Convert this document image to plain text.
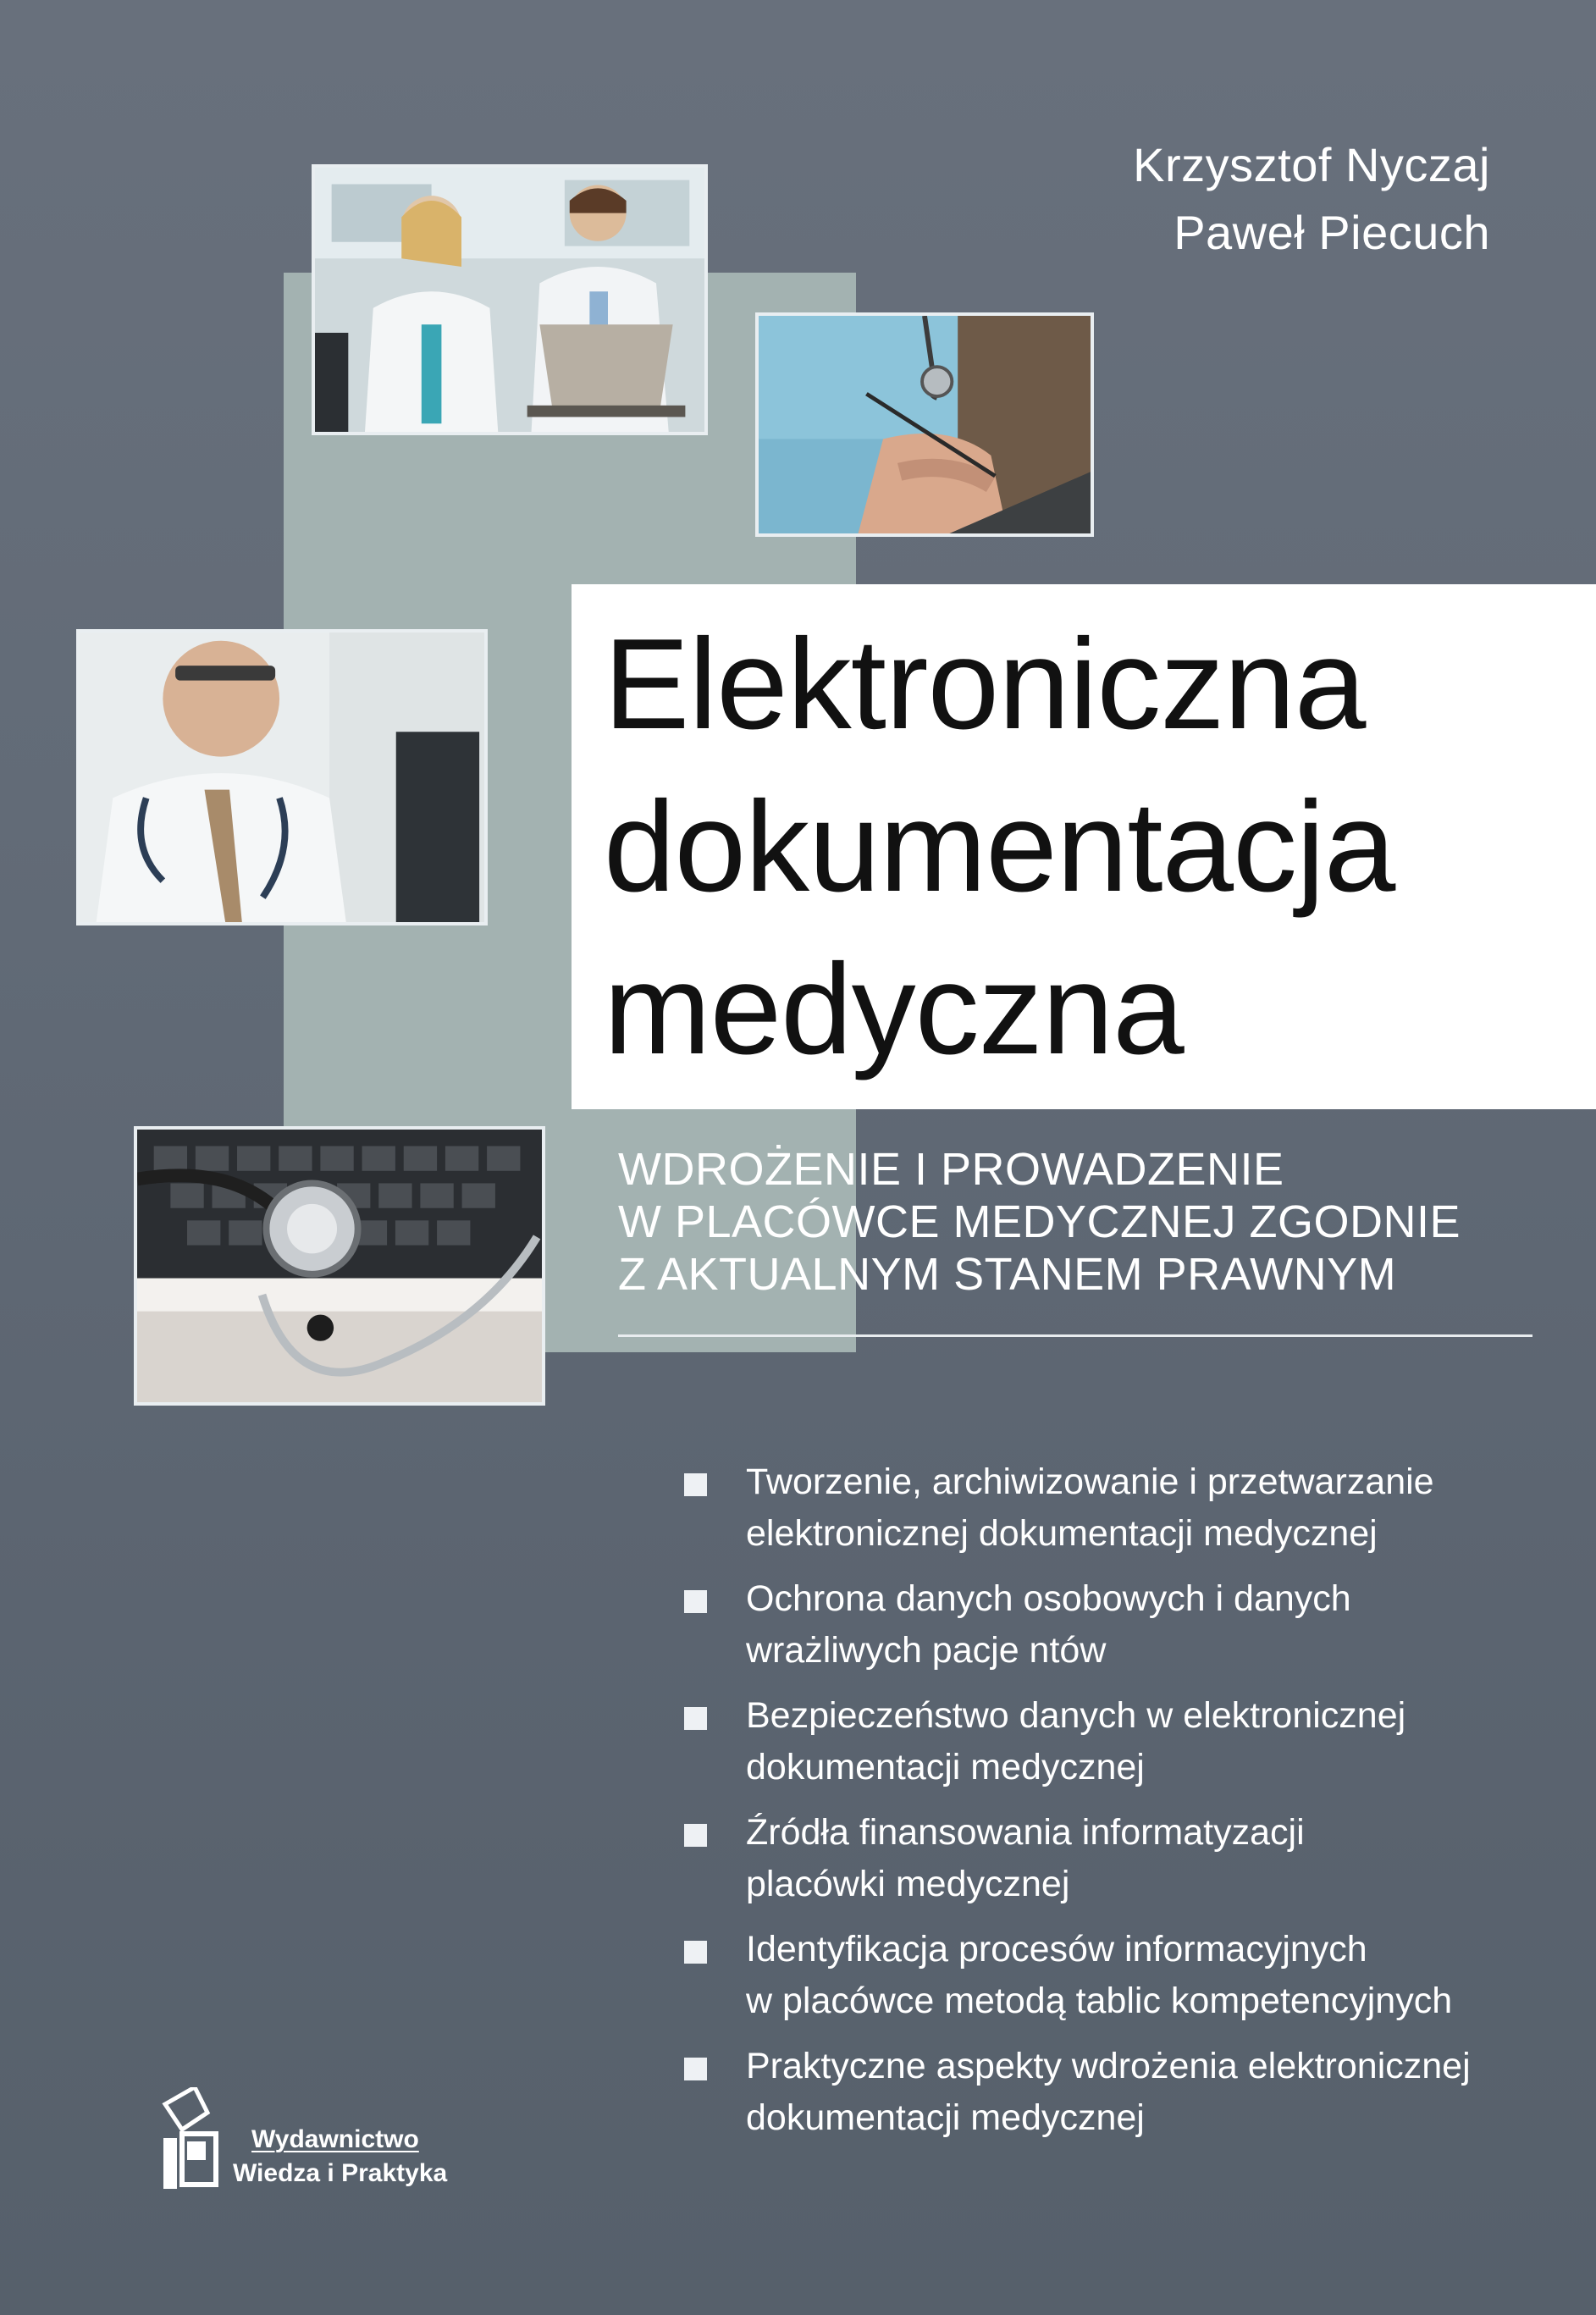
Krzysztof Nyczaj
Paweł Piecuch
Elektroniczna
dokumentacja
medyczna
WDROŻENIE I PROWADZENIE
W PLACÓWCE MEDYCZNEJ ZGODNIE
Z AKTUALNYM STANEM PRAWNYM
Tworzenie, archiwizowanie i przetwarzanie
elektronicznej dokumentacji medycznej
Ochrona danych osobowych i danych
wrażliwych pacje ntów
Bezpieczeństwo danych w elektronicznej
dokumentacji medycznej
Źródła finansowania informatyzacji
placówki medycznej
Identyfikacja procesów informacyjnych
w placówce metodą tablic kompetencyjnych
Praktyczne aspekty wdrożenia elektronicznej
dokumentacji medycznej
Wydawnictwo
Wiedza i Praktyka
